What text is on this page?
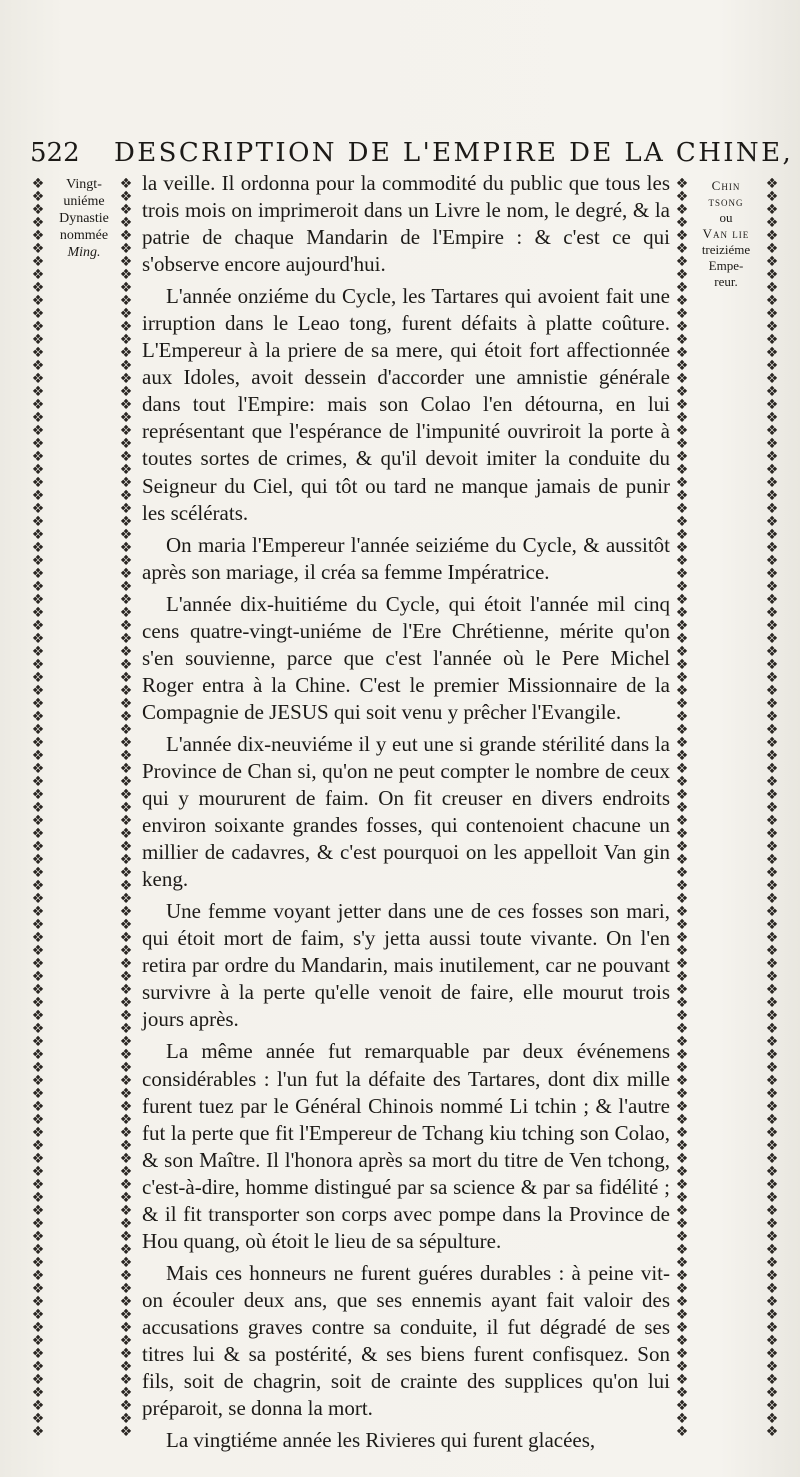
522 DESCRIPTION DE L'EMPIRE DE LA CHINE,
❖
❖
❖
❖
❖
❖
❖
❖
❖
❖
❖
❖
❖
❖
❖
❖
❖
❖
❖
❖
❖
❖
❖
❖
❖
❖
❖
❖
❖
❖
❖
❖
❖
❖
❖
❖
❖
❖
❖
❖
❖
❖
❖
❖
❖
❖
❖
❖
❖
❖
❖
❖
❖
❖
❖
❖
❖
❖
❖
❖
❖
❖
❖
❖
❖
❖
❖
❖
❖
❖
❖
❖
❖
❖
❖
❖
❖
❖
❖
❖
❖
❖
❖
❖
❖
❖
❖
❖
❖
❖
❖
❖
❖
❖
❖
❖
❖
❖
❖
❖
❖
❖
❖
❖
❖
❖
❖
❖
❖
❖
❖
❖
❖
❖
❖
❖
❖
❖
❖
❖
❖
❖
❖
❖
❖
❖
❖
❖
❖
❖
❖
❖
❖
❖
❖
❖
❖
❖
❖
❖
❖
❖
❖
❖
❖
❖
❖
❖
❖
❖
❖
❖
❖
❖
❖
❖
❖
❖
❖
❖
❖
❖
❖
❖
❖
❖
❖
❖
❖
❖
❖
❖
❖
❖
❖
❖
❖
❖
❖
❖
❖
❖
❖
❖
❖
❖
❖
❖
❖
❖
❖
❖
❖
❖
❖
❖
❖
❖
❖
❖
❖
❖
❖
❖
❖
❖
❖
❖
❖
❖
❖
❖
❖
❖
❖
❖
❖
❖
❖
❖
❖
❖
❖
❖
❖
❖
❖
❖
❖
❖
❖
❖
❖
❖
❖
❖
❖
❖
❖
❖
❖
❖
❖
❖
❖
❖
❖
❖
❖
❖
❖
❖
❖
❖
❖
❖
❖
❖
❖
❖
❖
❖
❖
❖
❖
❖
❖
❖
❖
❖
❖
❖
❖
❖
❖
❖
❖
❖
❖
❖
❖
❖
❖
❖
❖
❖
❖
❖
❖
❖
❖
❖
❖
❖
❖
❖
❖
❖
❖
❖
❖
❖
❖
❖
❖
❖
❖
❖
❖
❖
❖
❖
❖
❖
❖
❖
❖
❖
❖
❖
❖
❖
❖
❖
❖
❖
❖
❖
❖
❖
❖
❖
❖
❖
❖
❖
❖
❖
❖
❖
❖
❖
❖
❖
❖
❖
❖
❖
❖
❖
❖
❖
❖
❖
❖
❖
❖
❖
❖
❖
❖
❖
❖
❖
❖
❖
❖
❖
❖
❖
❖
❖
❖
❖
❖
❖
❖
❖
❖
❖
❖
❖
❖
❖
❖
❖
❖
❖
Vingt-
uniéme
Dynastie
nommée
Ming.
Chin
tsong
ou
Van lie
treiziéme
Empe-
reur.

la veille. Il ordonna pour la commodité du public que tous les trois mois on imprimeroit dans un Livre le nom, le degré, & la patrie de chaque Mandarin de l'Empire : & c'est ce qui s'observe encore aujourd'hui.

L'année onziéme du Cycle, les Tartares qui avoient fait une irruption dans le Leao tong, furent défaits à platte coûture. L'Empereur à la priere de sa mere, qui étoit fort affectionnée aux Idoles, avoit dessein d'accorder une amnistie générale dans tout l'Empire: mais son Colao l'en détourna, en lui représentant que l'espérance de l'impunité ouvriroit la porte à toutes sortes de crimes, & qu'il devoit imiter la conduite du Seigneur du Ciel, qui tôt ou tard ne manque jamais de punir les scélérats.

On maria l'Empereur l'année seiziéme du Cycle, & aussitôt après son mariage, il créa sa femme Impératrice.

L'année dix-huitiéme du Cycle, qui étoit l'année mil cinq cens quatre-vingt-uniéme de l'Ere Chrétienne, mérite qu'on s'en souvienne, parce que c'est l'année où le Pere Michel Roger entra à la Chine. C'est le premier Missionnaire de la Compagnie de JESUS qui soit venu y prêcher l'Evangile.

L'année dix-neuviéme il y eut une si grande stérilité dans la Province de Chan si, qu'on ne peut compter le nombre de ceux qui y moururent de faim. On fit creuser en divers endroits environ soixante grandes fosses, qui contenoient chacune un millier de cadavres, & c'est pourquoi on les appelloit Van gin keng.

Une femme voyant jetter dans une de ces fosses son mari, qui étoit mort de faim, s'y jetta aussi toute vivante. On l'en retira par ordre du Mandarin, mais inutilement, car ne pouvant survivre à la perte qu'elle venoit de faire, elle mourut trois jours après.

La même année fut remarquable par deux événemens considérables : l'un fut la défaite des Tartares, dont dix mille furent tuez par le Général Chinois nommé Li tchin ; & l'autre fut la perte que fit l'Empereur de Tchang kiu tching son Colao, & son Maître. Il l'honora après sa mort du titre de Ven tchong, c'est-à-dire, homme distingué par sa science & par sa fidélité ; & il fit transporter son corps avec pompe dans la Province de Hou quang, où étoit le lieu de sa sépulture.

Mais ces honneurs ne furent guéres durables : à peine vit-on écouler deux ans, que ses ennemis ayant fait valoir des accusations graves contre sa conduite, il fut dégradé de ses titres lui & sa postérité, & ses biens furent confisquez. Son fils, soit de chagrin, soit de crainte des supplices qu'on lui préparoit, se donna la mort.

La vingtiéme année les Rivieres qui furent glacées,
